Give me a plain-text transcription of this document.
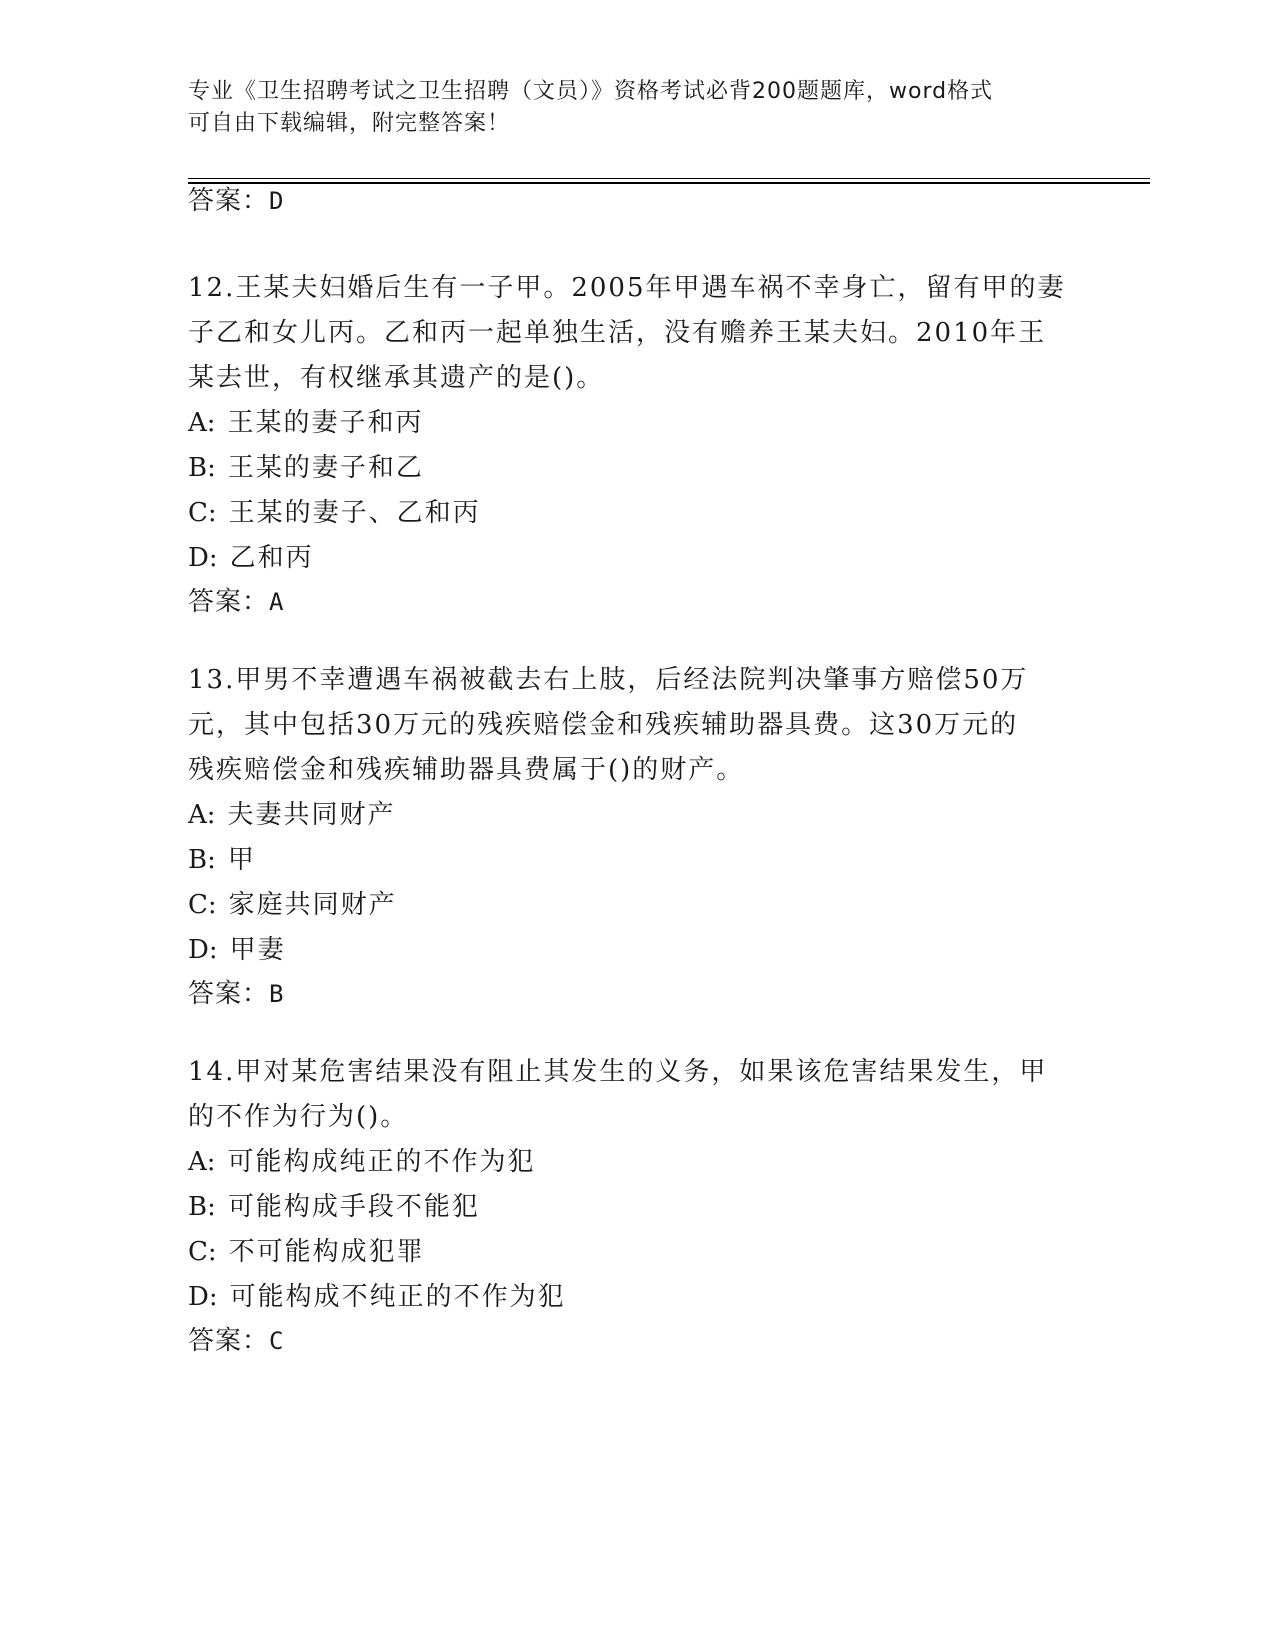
专业《卫生招聘考试之卫生招聘（文员）》资格考试必背200题题库，word格式
可自由下载编辑，附完整答案！
答案：D
12.王某夫妇婚后生有一子甲。2005年甲遇车祸不幸身亡，留有甲的妻
子乙和女儿丙。乙和丙一起单独生活，没有赡养王某夫妇。2010年王
某去世，有权继承其遗产的是()。
A: 王某的妻子和丙
B: 王某的妻子和乙
C: 王某的妻子、乙和丙
D: 乙和丙
答案：A
13.甲男不幸遭遇车祸被截去右上肢，后经法院判决肇事方赔偿50万
元，其中包括30万元的残疾赔偿金和残疾辅助器具费。这30万元的
残疾赔偿金和残疾辅助器具费属于()的财产。
A: 夫妻共同财产
B: 甲
C: 家庭共同财产
D: 甲妻
答案：B
14.甲对某危害结果没有阻止其发生的义务，如果该危害结果发生，甲
的不作为行为()。
A: 可能构成纯正的不作为犯
B: 可能构成手段不能犯
C: 不可能构成犯罪
D: 可能构成不纯正的不作为犯
答案：C
